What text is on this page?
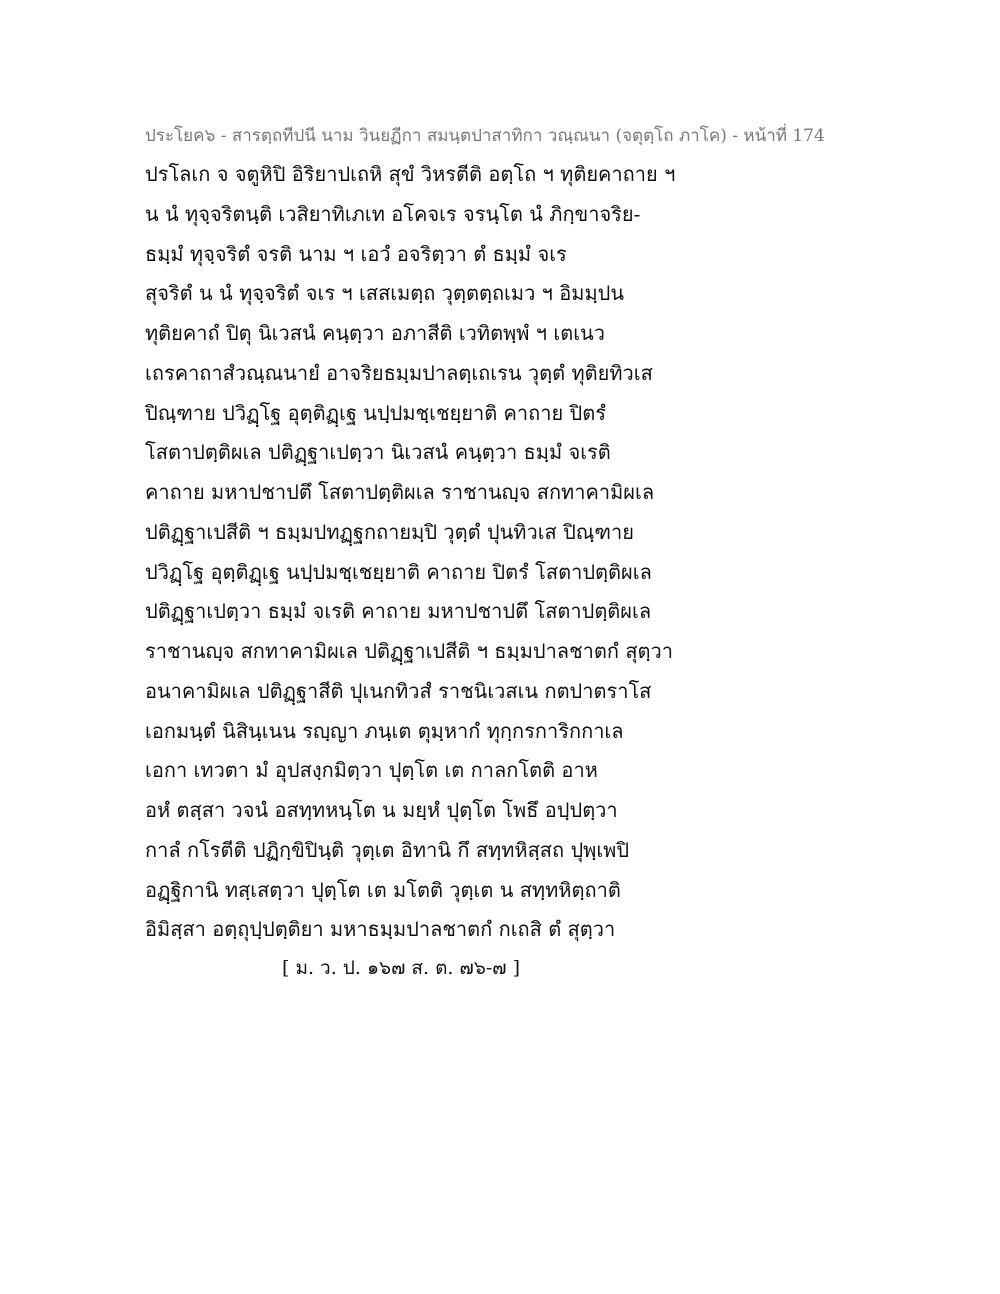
ประโยค๖ - สารตฺถทีปนี นาม วินยฏีกา สมนฺตปาสาทิกา วณฺณนา (จตุตฺโถ ภาโค) - หน้าที่ 174
ปรโลเก จ จตูหิปิ อิริยาปเถหิ สุขํ วิหรตีติ อตฺโถ ฯ ทุติยคาถาย ฯ
น นํ ทุจฺจริตนฺติ เวสิยาทิเภเท อโคจเร จรนฺโต นํ ภิกฺขาจริย-
ธมฺมํ ทุจฺจริตํ จรติ นาม ฯ เอวํ อจริตฺวา ตํ ธมฺมํ จเร
สุจริตํ น นํ ทุจฺจริตํ จเร ฯ เสสเมตฺถ วุตฺตตฺถเมว ฯ อิมมฺปน
ทุติยคาถํ ปิตุ นิเวสนํ คนฺตฺวา อภาสีติ เวทิตพฺพํ ฯ เตเนว
เถรคาถาสํวณฺณนายํ อาจริยธมฺมปาลตฺเถเรน วุตฺตํ ทุติยทิวเส
ปิณฺฑาย ปวิฏฺโฐ อุตฺติฏฺเฐ นปฺปมชฺเชยฺยาติ คาถาย ปิตรํ
โสตาปตฺติผเล ปติฏฺฐาเปตฺวา นิเวสนํ คนฺตฺวา ธมฺมํ จเรติ
คาถาย มหาปชาปตึ โสตาปตฺติผเล ราชานญฺจ สกทาคามิผเล
ปติฏฺฐาเปสีติ ฯ ธมฺมปทฏฺฐกถายมฺปิ วุตฺตํ ปุนทิวเส ปิณฺฑาย
ปวิฏฺโฐ อุตฺติฏฺเฐ นปฺปมชฺเชยฺยาติ คาถาย ปิตรํ โสตาปตฺติผเล
ปติฏฺฐาเปตฺวา ธมฺมํ จเรติ คาถาย มหาปชาปตึ โสตาปตฺติผเล
ราชานญฺจ สกทาคามิผเล ปติฏฺฐาเปสีติ ฯ ธมฺมปาลชาตกํ สุตฺวา
อนาคามิผเล ปติฏฺฐาสีติ ปุเนกทิวสํ ราชนิเวสเน กตปาตราโส
เอกมนฺตํ นิสินฺเนน รญฺญา ภนฺเต ตุมฺหากํ ทุกฺกรการิกกาเล
เอกา เทวตา มํ อุปสงฺกมิตฺวา ปุตฺโต เต กาลกโตติ อาห
อหํ ตสฺสา วจนํ อสทฺทหนฺโต น มยฺหํ ปุตฺโต โพธึ อปฺปตฺวา
กาลํ กโรตีติ ปฏิกฺขิปินฺติ วุตฺเต อิทานิ กึ สทฺทหิสฺสถ ปุพฺเพปิ
อฏฺฐิกานิ ทสฺเสตฺวา ปุตฺโต เต มโตติ วุตฺเต น สทฺทหิตฺถาติ
อิมิสฺสา อตฺถุปฺปตฺติยา มหาธมฺมปาลชาตกํ กเถสิ ตํ สุตฺวา
[ ม. ว. ป. ๑๖๗ ส. ต. ๗๖-๗ ]
